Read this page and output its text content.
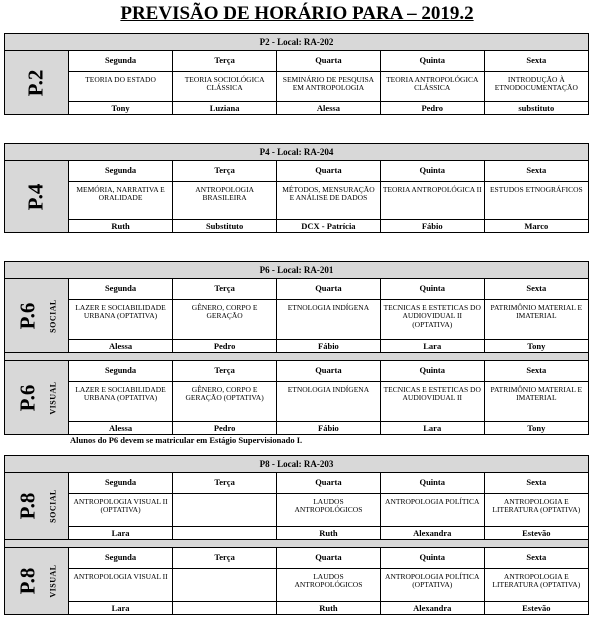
PREVISÃO DE HORÁRIO PARA – 2019.2
P2 - Local: RA-202
P.2
Segunda	Terça	Quarta	Quinta	Sexta
TEORIA DO ESTADO	TEORIA SOCIOLÓGICA CLÁSSICA	SEMINÁRIO DE PESQUISA EM ANTROPOLOGIA	TEORIA ANTROPOLÓGICA CLÁSSICA	INTRODUÇÃO À ETNODOCUMENTAÇÃO
Tony	Luziana	Alessa	Pedro	substituto
P4 - Local: RA-204
P.4
Segunda	Terça	Quarta	Quinta	Sexta
MEMÓRIA, NARRATIVA E ORALIDADE	ANTROPOLOGIA BRASILEIRA	MÉTODOS, MENSURAÇÃO E ANÁLISE DE DADOS	TEORIA ANTROPOLÓGICA II	ESTUDOS ETNOGRÁFICOS
Ruth	Substituto	DCX - Patrícia	Fábio	Marco
P6 - Local: RA-201
P.6 SOCIAL
Segunda	Terça	Quarta	Quinta	Sexta
LAZER E SOCIABILIDADE URBANA (OPTATIVA)	GÊNERO, CORPO E GERAÇÃO	ETNOLOGIA INDÍGENA	TECNICAS E ESTETICAS DO AUDIOVIDUAL II (OPTATIVA)	PATRIMÔNIO MATERIAL E IMATERIAL
Alessa	Pedro	Fábio	Lara	Tony
P.6 VISUAL
Segunda	Terça	Quarta	Quinta	Sexta
LAZER E SOCIABILIDADE URBANA (OPTATIVA)	GÊNERO, CORPO E GERAÇÃO (OPTATIVA)	ETNOLOGIA INDÍGENA	TECNICAS E ESTETICAS DO AUDIOVIDUAL II	PATRIMÔNIO MATERIAL E IMATERIAL
Alessa	Pedro	Fábio	Lara	Tony
Alunos do P6 devem se matricular em Estágio Supervisionado I.
P8 - Local: RA-203
P.8 SOCIAL
Segunda	Terça	Quarta	Quinta	Sexta
ANTROPOLOGIA VISUAL II (OPTATIVA)		LAUDOS ANTROPOLÓGICOS	ANTROPOLOGIA POLÍTICA	ANTROPOLOGIA E LITERATURA (OPTATIVA)
Lara		Ruth	Alexandra	Estevão
P.8 VISUAL
Segunda	Terça	Quarta	Quinta	Sexta
ANTROPOLOGIA VISUAL II		LAUDOS ANTROPOLÓGICOS	ANTROPOLOGIA POLÍTICA (OPTATIVA)	ANTROPOLOGIA E LITERATURA (OPTATIVA)
Lara		Ruth	Alexandra	Estevão
